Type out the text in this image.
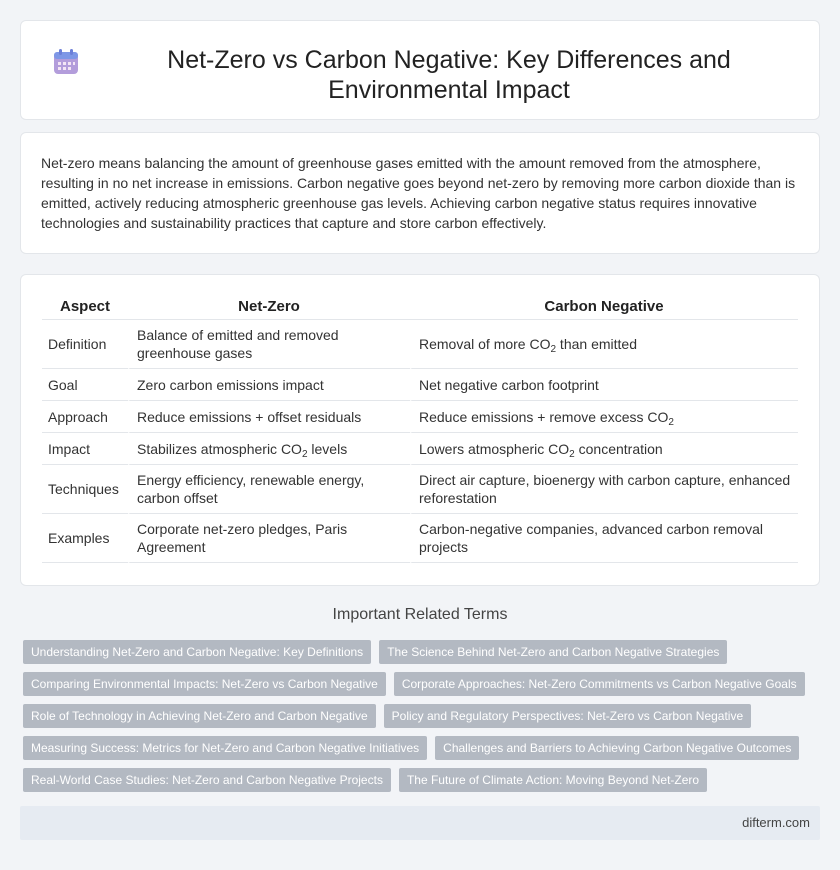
Net-Zero vs Carbon Negative: Key Differences and Environmental Impact

Net-zero means balancing the amount of greenhouse gases emitted with the amount removed from the atmosphere, resulting in no net increase in emissions. Carbon negative goes beyond net-zero by removing more carbon dioxide than is emitted, actively reducing atmospheric greenhouse gas levels. Achieving carbon negative status requires innovative technologies and sustainability practices that capture and store carbon effectively.

Aspect	Net-Zero	Carbon Negative
Definition	Balance of emitted and removed greenhouse gases	Removal of more $CO_2$ than emitted
Goal	Zero carbon emissions impact	Net negative carbon footprint
Approach	Reduce emissions + offset residuals	Reduce emissions + remove excess $CO_2$
Impact	Stabilizes atmospheric $CO_2$ levels	Lowers atmospheric $CO_2$ concentration
Techniques	Energy efficiency, renewable energy, carbon offset	Direct air capture, bioenergy with carbon capture, enhanced reforestation
Examples	Corporate net-zero pledges, Paris Agreement	Carbon-negative companies, advanced carbon removal projects
Important Related Terms
Understanding Net-Zero and Carbon Negative: Key Definitions	The Science Behind Net-Zero and Carbon Negative Strategies
Comparing Environmental Impacts: Net-Zero vs Carbon Negative	Corporate Approaches: Net-Zero Commitments vs Carbon Negative Goals
Role of Technology in Achieving Net-Zero and Carbon Negative	Policy and Regulatory Perspectives: Net-Zero vs Carbon Negative
Measuring Success: Metrics for Net-Zero and Carbon Negative Initiatives	Challenges and Barriers to Achieving Carbon Negative Outcomes
Real-World Case Studies: Net-Zero and Carbon Negative Projects	The Future of Climate Action: Moving Beyond Net-Zero
difterm.com
